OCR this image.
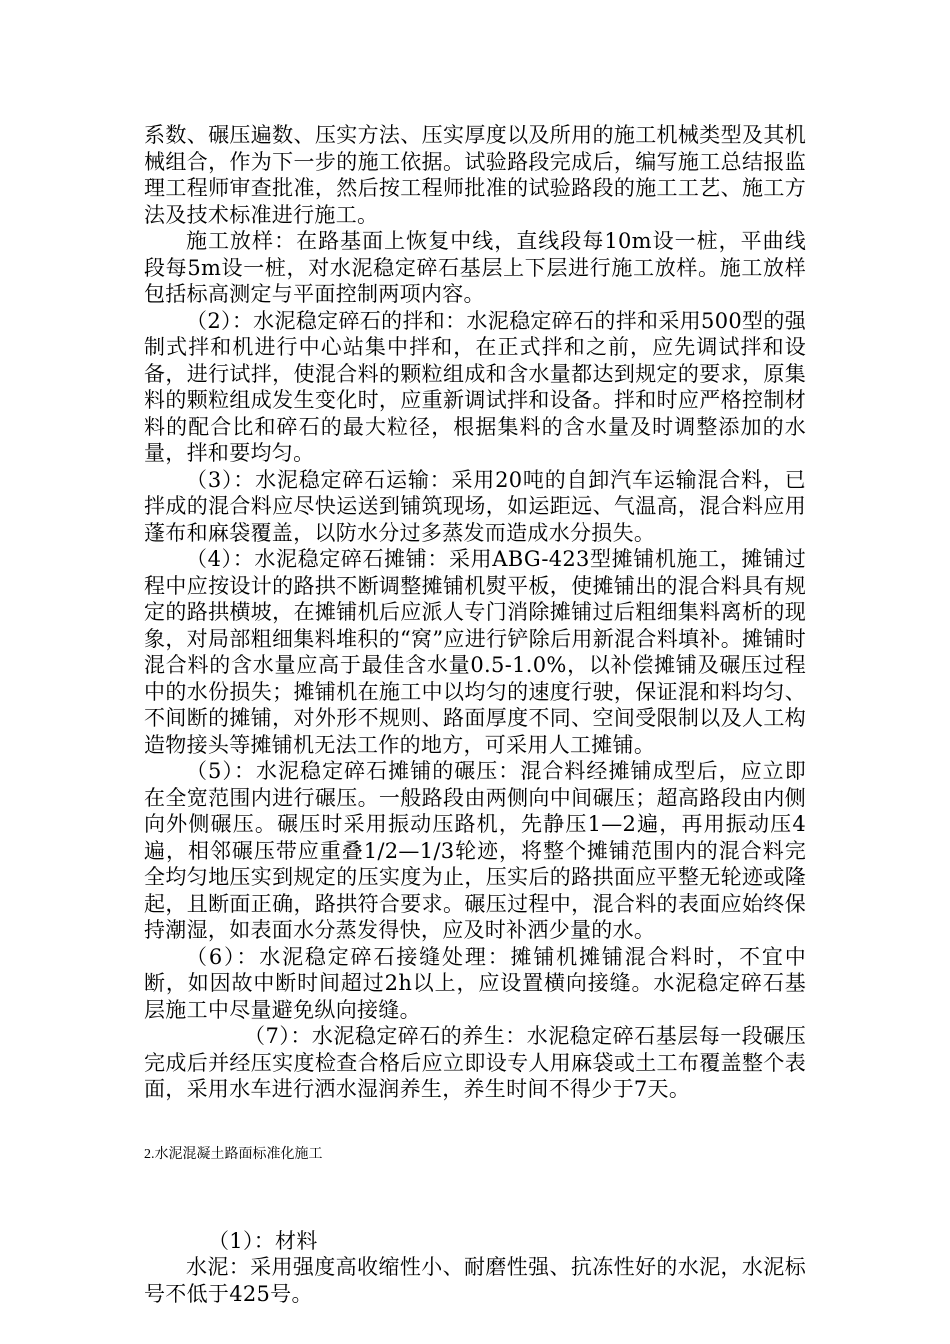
系数、碾压遍数、压实方法、压实厚度以及所用的施工机械类型及其机械组合，作为下一步的施工依据。试验路段完成后，编写施工总结报监理工程师审查批准，然后按工程师批准的试验路段的施工工艺、施工方法及技术标准进行施工。

施工放样：在路基面上恢复中线，直线段每10m设一桩，平曲线段每5m设一桩，对水泥稳定碎石基层上下层进行施工放样。施工放样包括标高测定与平面控制两项内容。

（2）：水泥稳定碎石的拌和：水泥稳定碎石的拌和采用500型的强制式拌和机进行中心站集中拌和，在正式拌和之前，应先调试拌和设备，进行试拌，使混合料的颗粒组成和含水量都达到规定的要求，原集料的颗粒组成发生变化时，应重新调试拌和设备。拌和时应严格控制材料的配合比和碎石的最大粒径，根据集料的含水量及时调整添加的水量，拌和要均匀。

（3）：水泥稳定碎石运输：采用20吨的自卸汽车运输混合料，已拌成的混合料应尽快运送到铺筑现场，如运距远、气温高，混合料应用蓬布和麻袋覆盖，以防水分过多蒸发而造成水分损失。

（4）：水泥稳定碎石摊铺：采用ABG-423型摊铺机施工，摊铺过程中应按设计的路拱不断调整摊铺机熨平板，使摊铺出的混合料具有规定的路拱横坡，在摊铺机后应派人专门消除摊铺过后粗细集料离析的现象，对局部粗细集料堆积的“窝”应进行铲除后用新混合料填补。摊铺时混合料的含水量应高于最佳含水量0.5-1.0%，以补偿摊铺及碾压过程中的水份损失；摊铺机在施工中以均匀的速度行驶，保证混和料均匀、不间断的摊铺，对外形不规则、路面厚度不同、空间受限制以及人工构造物接头等摊铺机无法工作的地方，可采用人工摊铺。

（5）：水泥稳定碎石摊铺的碾压：混合料经摊铺成型后，应立即在全宽范围内进行碾压。一般路段由两侧向中间碾压；超高路段由内侧向外侧碾压。碾压时采用振动压路机，先静压1—2遍，再用振动压4遍，相邻碾压带应重叠1/2—1/3轮迹，将整个摊铺范围内的混合料完全均匀地压实到规定的压实度为止，压实后的路拱面应平整无轮迹或隆起，且断面正确，路拱符合要求。碾压过程中，混合料的表面应始终保持潮湿，如表面水分蒸发得快，应及时补洒少量的水。

（6）：水泥稳定碎石接缝处理：摊铺机摊铺混合料时，不宜中断，如因故中断时间超过2h以上，应设置横向接缝。水泥稳定碎石基层施工中尽量避免纵向接缝。

（7）：水泥稳定碎石的养生：水泥稳定碎石基层每一段碾压完成后并经压实度检查合格后应立即设专人用麻袋或土工布覆盖整个表面，采用水车进行洒水湿润养生，养生时间不得少于7天。

2.水泥混凝土路面标准化施工

（1）：材料

水泥：采用强度高收缩性小、耐磨性强、抗冻性好的水泥，水泥标号不低于425号。
